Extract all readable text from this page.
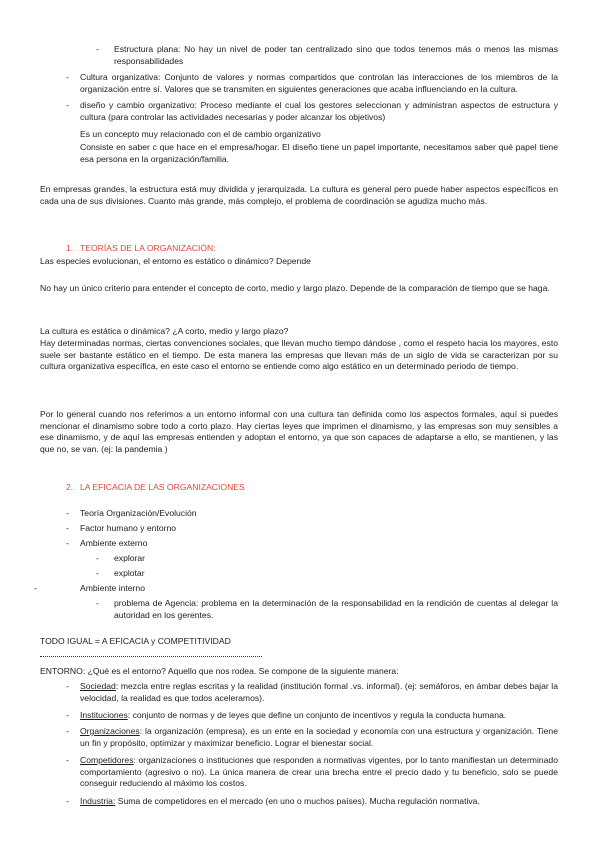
- Estructura plana: No hay un nivel de poder tan centralizado sino que todos tenemos más o menos las mismas responsabilidades
- Cultura organizativa: Conjunto de valores y normas compartidos que controlan las interacciones de los miembros de la organización entre sí. Valores que se transmiten en siguientes generaciones que acaba influenciando en la cultura.
- diseño y cambio organizativo: Proceso mediante el cual los gestores seleccionan y administran aspectos de estructura y cultura (para controlar las actividades necesarias y poder alcanzar los objetivos)
Es un concepto muy relacionado con el de cambio organizativo
Consiste en saber c que hace en el empresa/hogar. El diseño tiene un papel importante, necesitamos saber qué papel tiene esa persona en la organización/familia.
En empresas grandes, la estructura está muy dividida y jerarquizada. La cultura es general pero puede haber aspectos específicos en cada una de sus divisiones. Cuanto más grande, más complejo, el problema de coordinación se agudiza mucho más.
1. TEORÍAS DE LA ORGANIZACIÓN:
Las especies evolucionan, el entorno es estático o dinámico? Depende
No hay un único criterio para entender el concepto de corto, medio y largo plazo. Depende de la comparación de tiempo que se haga.
La cultura es estática o dinámica? ¿A corto, medio y largo plazo?
Hay determinadas normas, ciertas convenciones sociales, que llevan mucho tiempo dándose , como el respeto hacia los mayores, esto suele ser bastante estático en el tiempo. De esta manera las empresas que llevan más de un siglo de vida se caracterizan por su cultura organizativa específica, en este caso el entorno se entiende como algo estático en un determinado periodo de tiempo.
Por lo general cuando nos referimos a un entorno informal con una cultura tan definida como los aspectos formales, aquí si puedes mencionar el dinamismo sobre todo a corto plazo. Hay ciertas leyes que imprimen el dinamismo, y las empresas son muy sensibles a ese dinamismo, y de aquí las empresas entienden y adoptan el entorno, ya que son capaces de adaptarse a ello, se mantienen, y las que no, se van. (ej: la pandemia )
2. LA EFICACIA DE LAS ORGANIZACIONES
- Teoría Organización/Evolución
- Factor humano y entorno
- Ambiente externo
- explorar
- explotar
-	Ambiente interno
- problema de Agencia: problema en la determinación de la responsabilidad en la rendición de cuentas al delegar la autoridad en los gerentes.
TODO IGUAL = A EFICACIA y COMPETITIVIDAD
ENTORNO: ¿Qué es el entorno? Aquello que nos rodea. Se compone de la siguiente manera:
- Sociedad: mezcla entre reglas escritas y la realidad (institución formal .vs. informal). (ej: semáforos, en ámbar debes bajar la velocidad, la realidad es que todos aceleramos).
- Instituciones: conjunto de normas y de leyes que define un conjunto de incentivos y regula la conducta humana.
- Organizaciones: la organización (empresa), es un ente en la sociedad y economía con una estructura y organización. Tiene un fin y propósito, optimizar y maximizar beneficio. Lograr el bienestar social.
- Competidores: organizaciones o instituciones que responden a normativas vigentes, por lo tanto manifiestan un determinado comportamiento (agresivo o no). La única manera de crear una brecha entre el precio dado y tu beneficio, solo se puede conseguir reduciendo al máximo los costos.
- Industria: Suma de competidores en el mercado (en uno o muchos países). Mucha regulación normativa.
